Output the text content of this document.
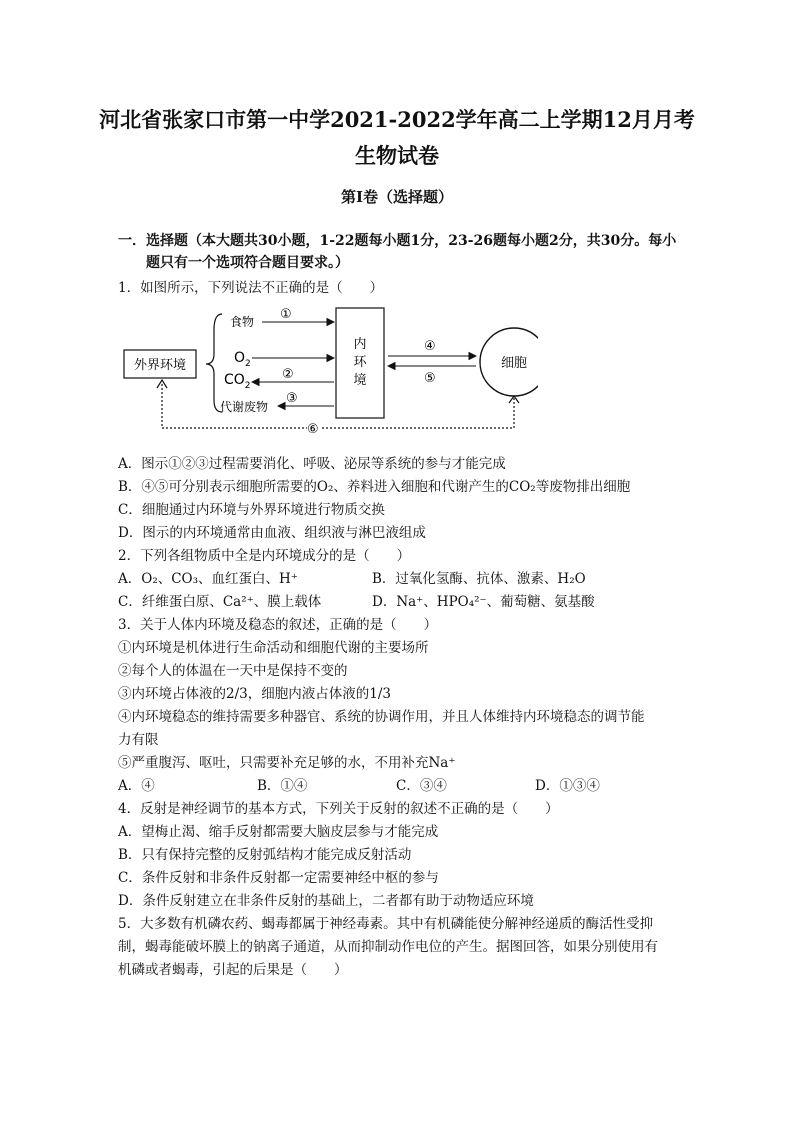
河北省张家口市第一中学2021-2022学年高二上学期12月月考
生物试卷
第I卷（选择题）
一．选择题（本大题共30小题，1-22题每小题1分，23-26题每小题2分，共30分。每小
题只有一个选项符合题目要求。）
1．如图所示，下列说法不正确的是（　　）
外界环境
食物
$O_2$
$CO_2$
代谢废物
①
②
③
内
环
境
④
⑤
细胞
⑥
A．图示①②③过程需要消化、呼吸、泌尿等系统的参与才能完成
B．④⑤可分别表示细胞所需要的O₂、养料进入细胞和代谢产生的CO₂等废物排出细胞
C．细胞通过内环境与外界环境进行物质交换
D．图示的内环境通常由血液、组织液与淋巴液组成
2．下列各组物质中全是内环境成分的是（　　）
A．O₂、CO₃、血红蛋白、H⁺	B．过氧化氢酶、抗体、激素、H₂O
C．纤维蛋白原、Ca²⁺、膜上载体	D．Na⁺、HPO₄²⁻、葡萄糖、氨基酸
3．关于人体内环境及稳态的叙述，正确的是（　　）
①内环境是机体进行生命活动和细胞代谢的主要场所
②每个人的体温在一天中是保持不变的
③内环境占体液的2/3，细胞内液占体液的1/3
④内环境稳态的维持需要多种器官、系统的协调作用，并且人体维持内环境稳态的调节能
力有限
⑤严重腹泻、呕吐，只需要补充足够的水，不用补充Na⁺
A．④	B．①④	C．③④	D．①③④
4．反射是神经调节的基本方式，下列关于反射的叙述不正确的是（　　）
A．望梅止渴、缩手反射都需要大脑皮层参与才能完成
B．只有保持完整的反射弧结构才能完成反射活动
C．条件反射和非条件反射都一定需要神经中枢的参与
D．条件反射建立在非条件反射的基础上，二者都有助于动物适应环境
5．大多数有机磷农药、蝎毒都属于神经毒素。其中有机磷能使分解神经递质的酶活性受抑
制，蝎毒能破坏膜上的钠离子通道，从而抑制动作电位的产生。据图回答，如果分别使用有
机磷或者蝎毒，引起的后果是（　　）
